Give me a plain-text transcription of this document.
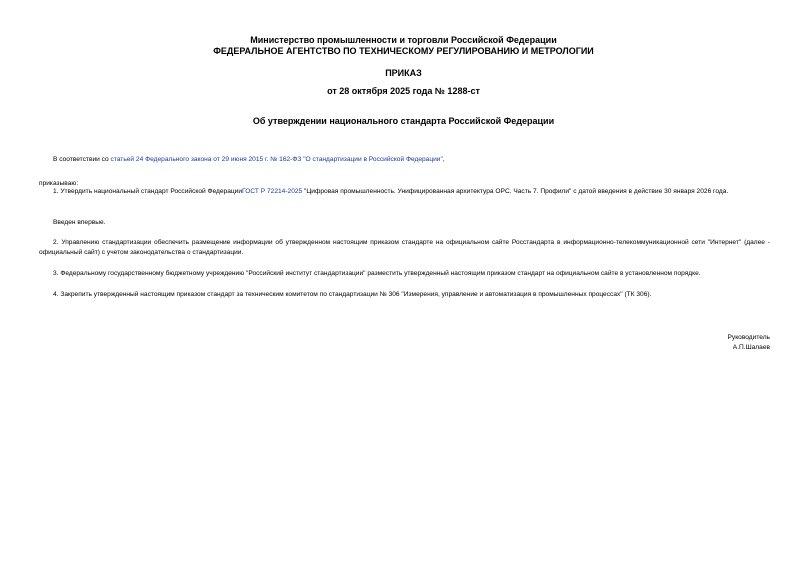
Министерство промышленности и торговли Российской Федерации
ФЕДЕРАЛЬНОЕ АГЕНТСТВО ПО ТЕХНИЧЕСКОМУ РЕГУЛИРОВАНИЮ И МЕТРОЛОГИИ
ПРИКАЗ
от 28 октября 2025 года № 1288-ст
Об утверждении национального стандарта Российской Федерации
В соответствии со статьей 24 Федерального закона от 29 июня 2015 г. № 162-ФЗ "О стандартизации в Российской Федерации",
приказываю:
1. Утвердить национальный стандарт Российской ФедерацииГОСТ Р 72214-2025 "Цифровая промышленность. Унифицированная архитектура OPC. Часть 7. Профили" с датой введения в действие 30 января 2026 года.
Введен впервые.
2. Управлению стандартизации обеспечить размещение информации об утвержденном настоящим приказом стандарте на официальном сайте Росстандарта в информационно-телекоммуникационной сети "Интернет" (далее - официальный сайт) с учетом законодательства о стандартизации.
3. Федеральному государственному бюджетному учреждению "Российский институт стандартизации" разместить утвержденный настоящим приказом стандарт на официальном сайте в установленном порядке.
4. Закрепить утвержденный настоящим приказом стандарт за техническим комитетом по стандартизации № 306 "Измерения, управление и автоматизация в промышленных процессах" (ТК 306).
Руководитель
А.П.Шалаев
